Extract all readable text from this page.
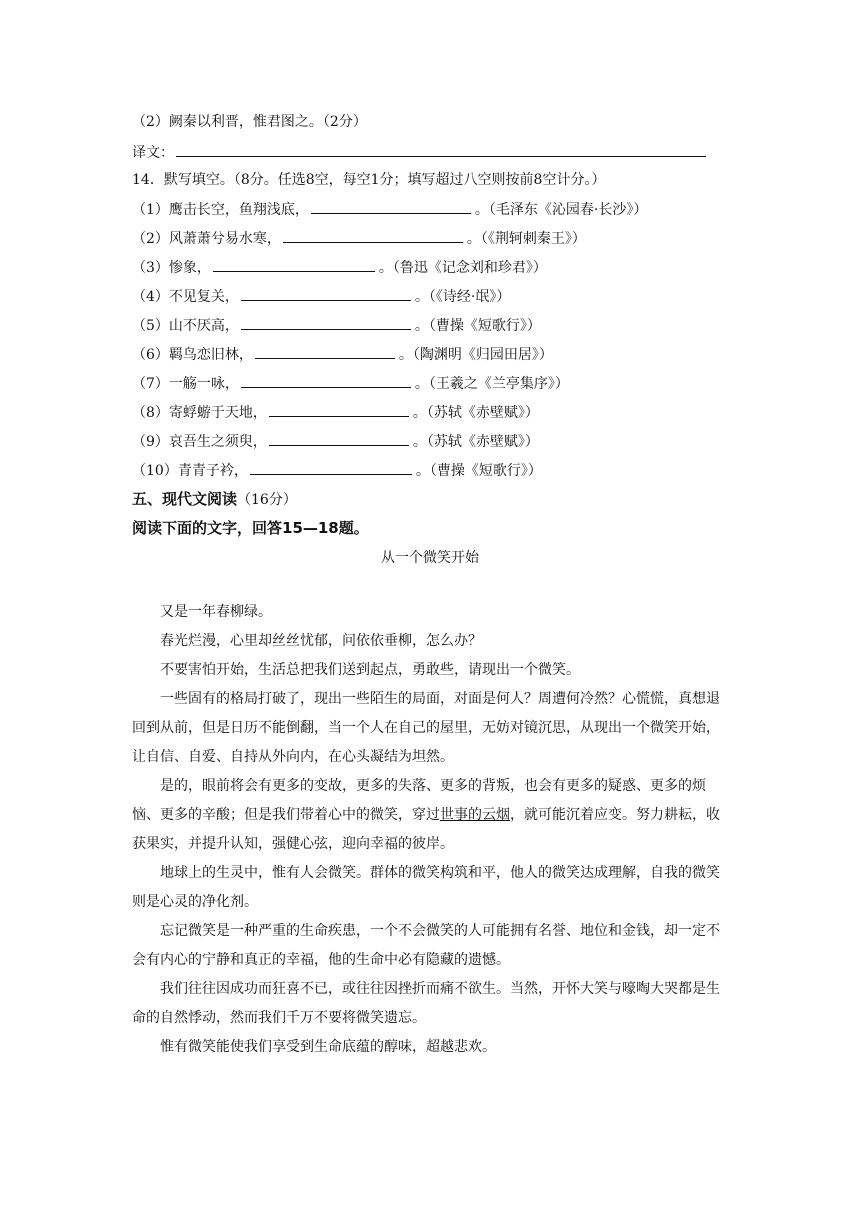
（2）阙秦以利晋，惟君图之。（2分）
译文：
14．默写填空。（8分。任选8空，每空1分；填写超过八空则按前8空计分。）
（1）鹰击长空，鱼翔浅底，	。（毛泽东《沁园春·长沙》）
（2）风萧萧兮易水寒，	。（《荆轲刺秦王》）
（3）惨象，	。（鲁迅《记念刘和珍君》）
（4）不见复关，	。（《诗经·氓》）
（5）山不厌高，	。（曹操《短歌行》）
（6）羁鸟恋旧林，	。（陶渊明《归园田居》）
（7）一觞一咏，	。（王羲之《兰亭集序》）
（8）寄蜉蝣于天地，	。（苏轼《赤壁赋》）
（9）哀吾生之须臾，	。（苏轼《赤壁赋》）
（10）青青子衿，	。（曹操《短歌行》）
五、现代文阅读（16分）
阅读下面的文字，回答15—18题。
从一个微笑开始
又是一年春柳绿。
春光烂漫，心里却丝丝忧郁，问依依垂柳，怎么办？
不要害怕开始，生活总把我们送到起点，勇敢些，请现出一个微笑。
一些固有的格局打破了，现出一些陌生的局面，对面是何人？周遭何冷然？心慌慌，真想退回到从前，但是日历不能倒翻，当一个人在自己的屋里，无妨对镜沉思，从现出一个微笑开始，让自信、自爱、自持从外向内，在心头凝结为坦然。
是的，眼前将会有更多的变故，更多的失落、更多的背叛，也会有更多的疑惑、更多的烦恼、更多的辛酸；但是我们带着心中的微笑，穿过世事的云烟，就可能沉着应变。努力耕耘，收获果实，并提升认知，强健心弦，迎向幸福的彼岸。
地球上的生灵中，惟有人会微笑。群体的微笑构筑和平，他人的微笑达成理解，自我的微笑则是心灵的净化剂。
忘记微笑是一种严重的生命疾患，一个不会微笑的人可能拥有名誉、地位和金钱，却一定不会有内心的宁静和真正的幸福，他的生命中必有隐藏的遗憾。
我们往往因成功而狂喜不已，或往往因挫折而痛不欲生。当然，开怀大笑与嚎啕大哭都是生命的自然悸动，然而我们千万不要将微笑遗忘。
惟有微笑能使我们享受到生命底蕴的醇味，超越悲欢。
